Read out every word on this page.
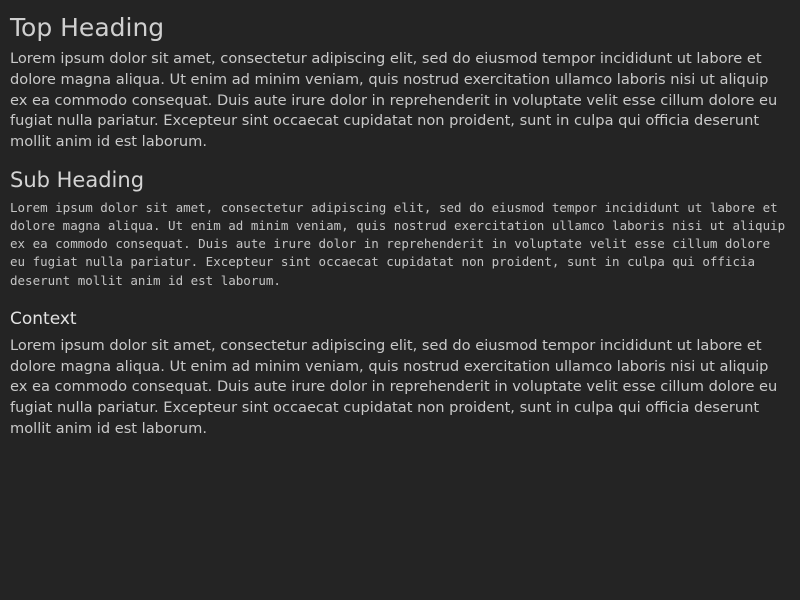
Top Heading

Lorem ipsum dolor sit amet, consectetur adipiscing elit, sed do eiusmod tempor incididunt ut labore et dolore magna aliqua. Ut enim ad minim veniam, quis nostrud exercitation ullamco laboris nisi ut aliquip ex ea commodo consequat. Duis aute irure dolor in reprehenderit in voluptate velit esse cillum dolore eu fugiat nulla pariatur. Excepteur sint occaecat cupidatat non proident, sunt in culpa qui officia deserunt mollit anim id est laborum.

Sub Heading

Lorem ipsum dolor sit amet, consectetur adipiscing elit, sed do eiusmod tempor incididunt ut labore et dolore magna aliqua. Ut enim ad minim veniam, quis nostrud exercitation ullamco laboris nisi ut aliquip ex ea commodo consequat. Duis aute irure dolor in reprehenderit in voluptate velit esse cillum dolore eu fugiat nulla pariatur. Excepteur sint occaecat cupidatat non proident, sunt in culpa qui officia deserunt mollit anim id est laborum.

Context

Lorem ipsum dolor sit amet, consectetur adipiscing elit, sed do eiusmod tempor incididunt ut labore et dolore magna aliqua. Ut enim ad minim veniam, quis nostrud exercitation ullamco laboris nisi ut aliquip ex ea commodo consequat. Duis aute irure dolor in reprehenderit in voluptate velit esse cillum dolore eu fugiat nulla pariatur. Excepteur sint occaecat cupidatat non proident, sunt in culpa qui officia deserunt mollit anim id est laborum.
